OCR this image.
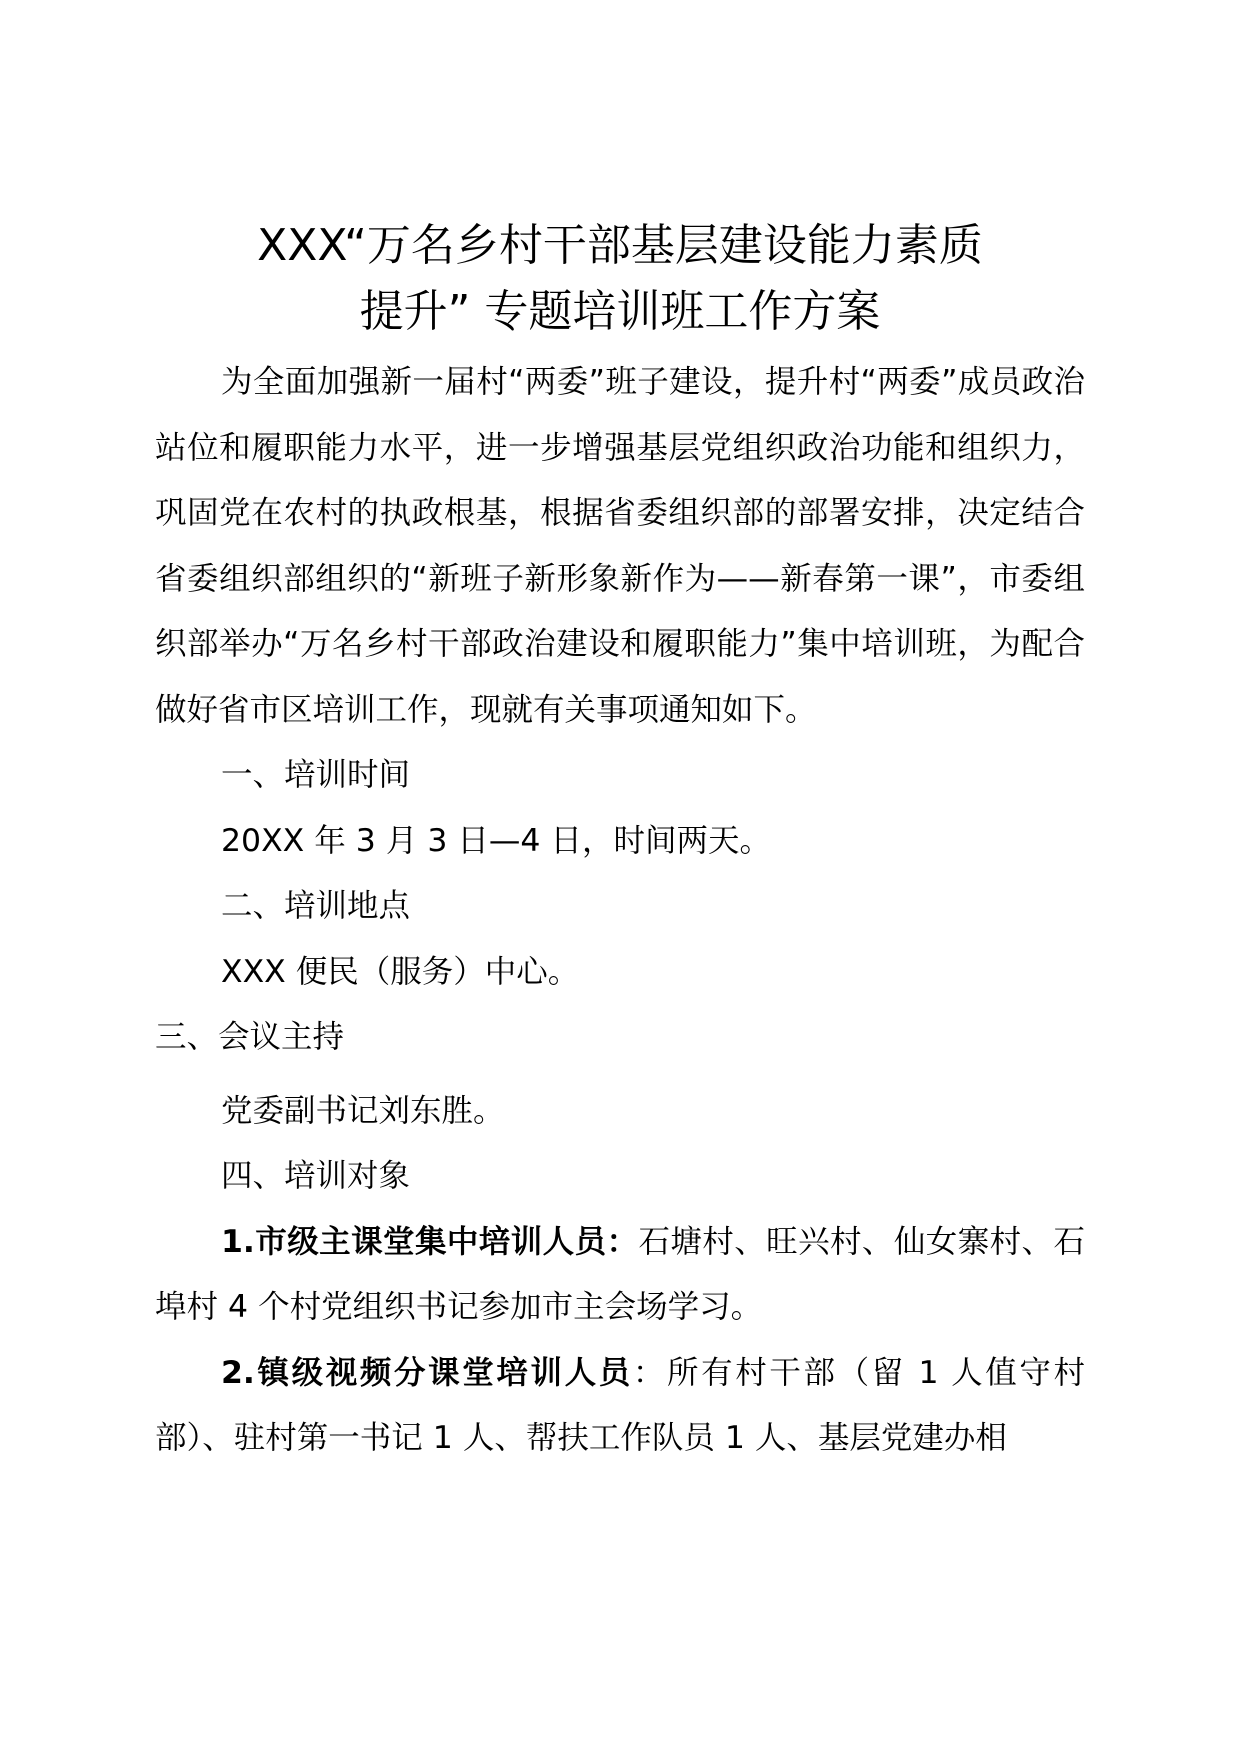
XXX“万名乡村干部基层建设能力素质
提升” 专题培训班工作方案

为全面加强新一届村“两委”班子建设，提升村“两委”成员政治站位和履职能力水平，进一步增强基层党组织政治功能和组织力，巩固党在农村的执政根基，根据省委组织部的部署安排，决定结合省委组织部组织的“新班子新形象新作为——新春第一课”，市委组织部举办“万名乡村干部政治建设和履职能力”集中培训班，为配合做好省市区培训工作，现就有关事项通知如下。

一、培训时间

20XX 年 3 月 3 日—4 日，时间两天。

二、培训地点

XXX 便民（服务）中心。

三、会议主持

党委副书记刘东胜。

四、培训对象

1.市级主课堂集中培训人员：石塘村、旺兴村、仙女寨村、石埠村 4 个村党组织书记参加市主会场学习。

2.镇级视频分课堂培训人员：所有村干部（留 1 人值守村部）、驻村第一书记 1 人、帮扶工作队员 1 人、基层党建办相
